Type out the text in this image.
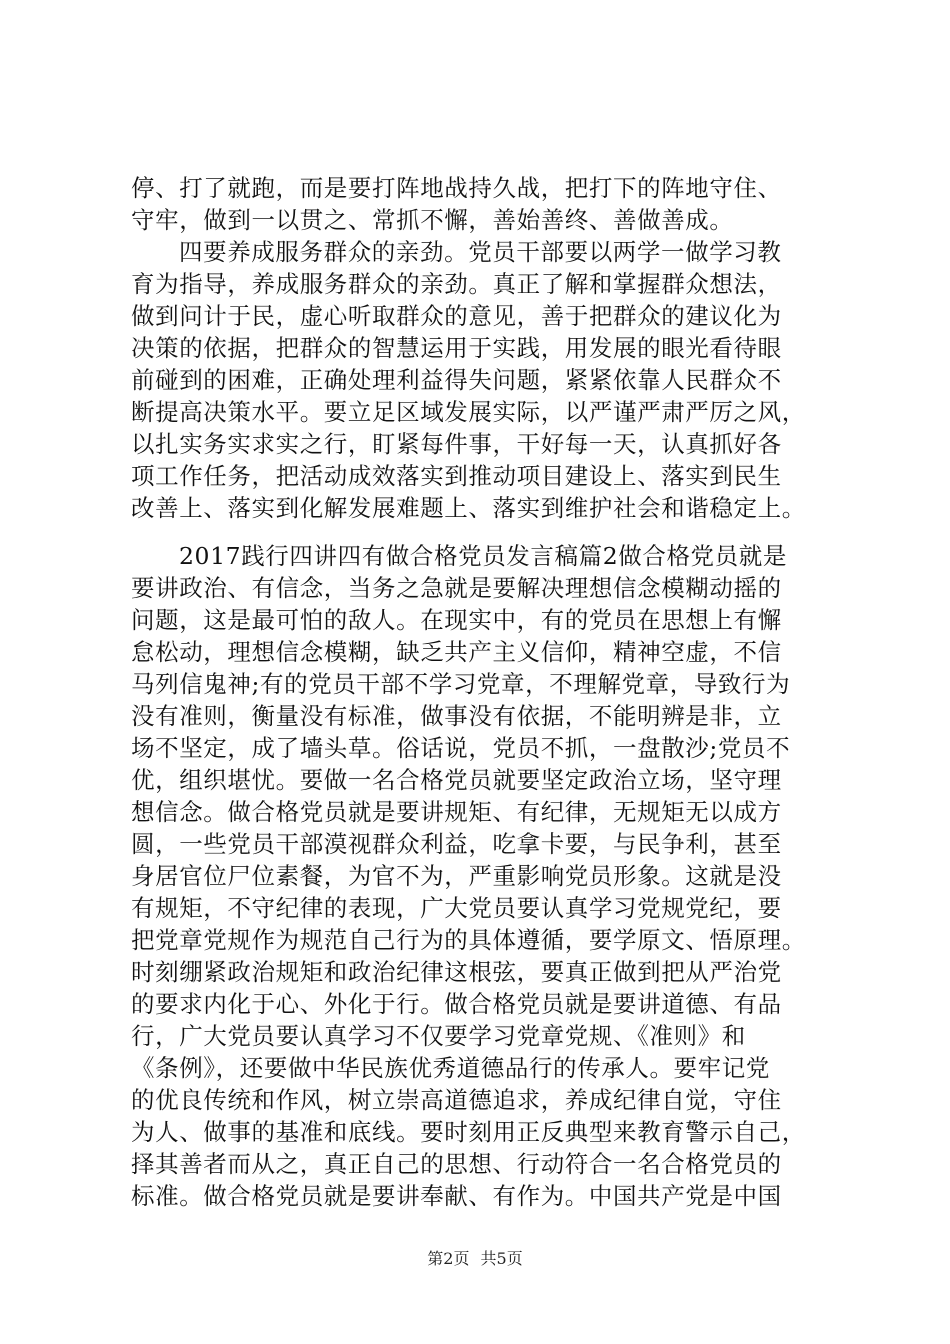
停、打了就跑，而是要打阵地战持久战，把打下的阵地守住、
守牢，做到一以贯之、常抓不懈，善始善终、善做善成。
四要养成服务群众的亲劲。党员干部要以两学一做学习教
育为指导，养成服务群众的亲劲。真正了解和掌握群众想法，
做到问计于民，虚心听取群众的意见，善于把群众的建议化为
决策的依据，把群众的智慧运用于实践，用发展的眼光看待眼
前碰到的困难，正确处理利益得失问题，紧紧依靠人民群众不
断提高决策水平。要立足区域发展实际，以严谨严肃严厉之风，
以扎实务实求实之行，盯紧每件事，干好每一天，认真抓好各
项工作任务，把活动成效落实到推动项目建设上、落实到民生
改善上、落实到化解发展难题上、落实到维护社会和谐稳定上。
2017践行四讲四有做合格党员发言稿篇2做合格党员就是
要讲政治、有信念，当务之急就是要解决理想信念模糊动摇的
问题，这是最可怕的敌人。在现实中，有的党员在思想上有懈
怠松动，理想信念模糊，缺乏共产主义信仰，精神空虚，不信
马列信鬼神;有的党员干部不学习党章，不理解党章，导致行为
没有准则，衡量没有标准，做事没有依据，不能明辨是非，立
场不坚定，成了墙头草。俗话说，党员不抓，一盘散沙;党员不
优，组织堪忧。要做一名合格党员就要坚定政治立场，坚守理
想信念。做合格党员就是要讲规矩、有纪律，无规矩无以成方
圆，一些党员干部漠视群众利益，吃拿卡要，与民争利，甚至
身居官位尸位素餐，为官不为，严重影响党员形象。这就是没
有规矩，不守纪律的表现，广大党员要认真学习党规党纪，要
把党章党规作为规范自己行为的具体遵循，要学原文、悟原理。
时刻绷紧政治规矩和政治纪律这根弦，要真正做到把从严治党
的要求内化于心、外化于行。做合格党员就是要讲道德、有品
行，广大党员要认真学习不仅要学习党章党规、《准则》和
《条例》，还要做中华民族优秀道德品行的传承人。要牢记党
的优良传统和作风，树立崇高道德追求，养成纪律自觉，守住
为人、做事的基准和底线。要时刻用正反典型来教育警示自己，
择其善者而从之，真正自己的思想、行动符合一名合格党员的
标准。做合格党员就是要讲奉献、有作为。中国共产党是中国
第2页 共5页
